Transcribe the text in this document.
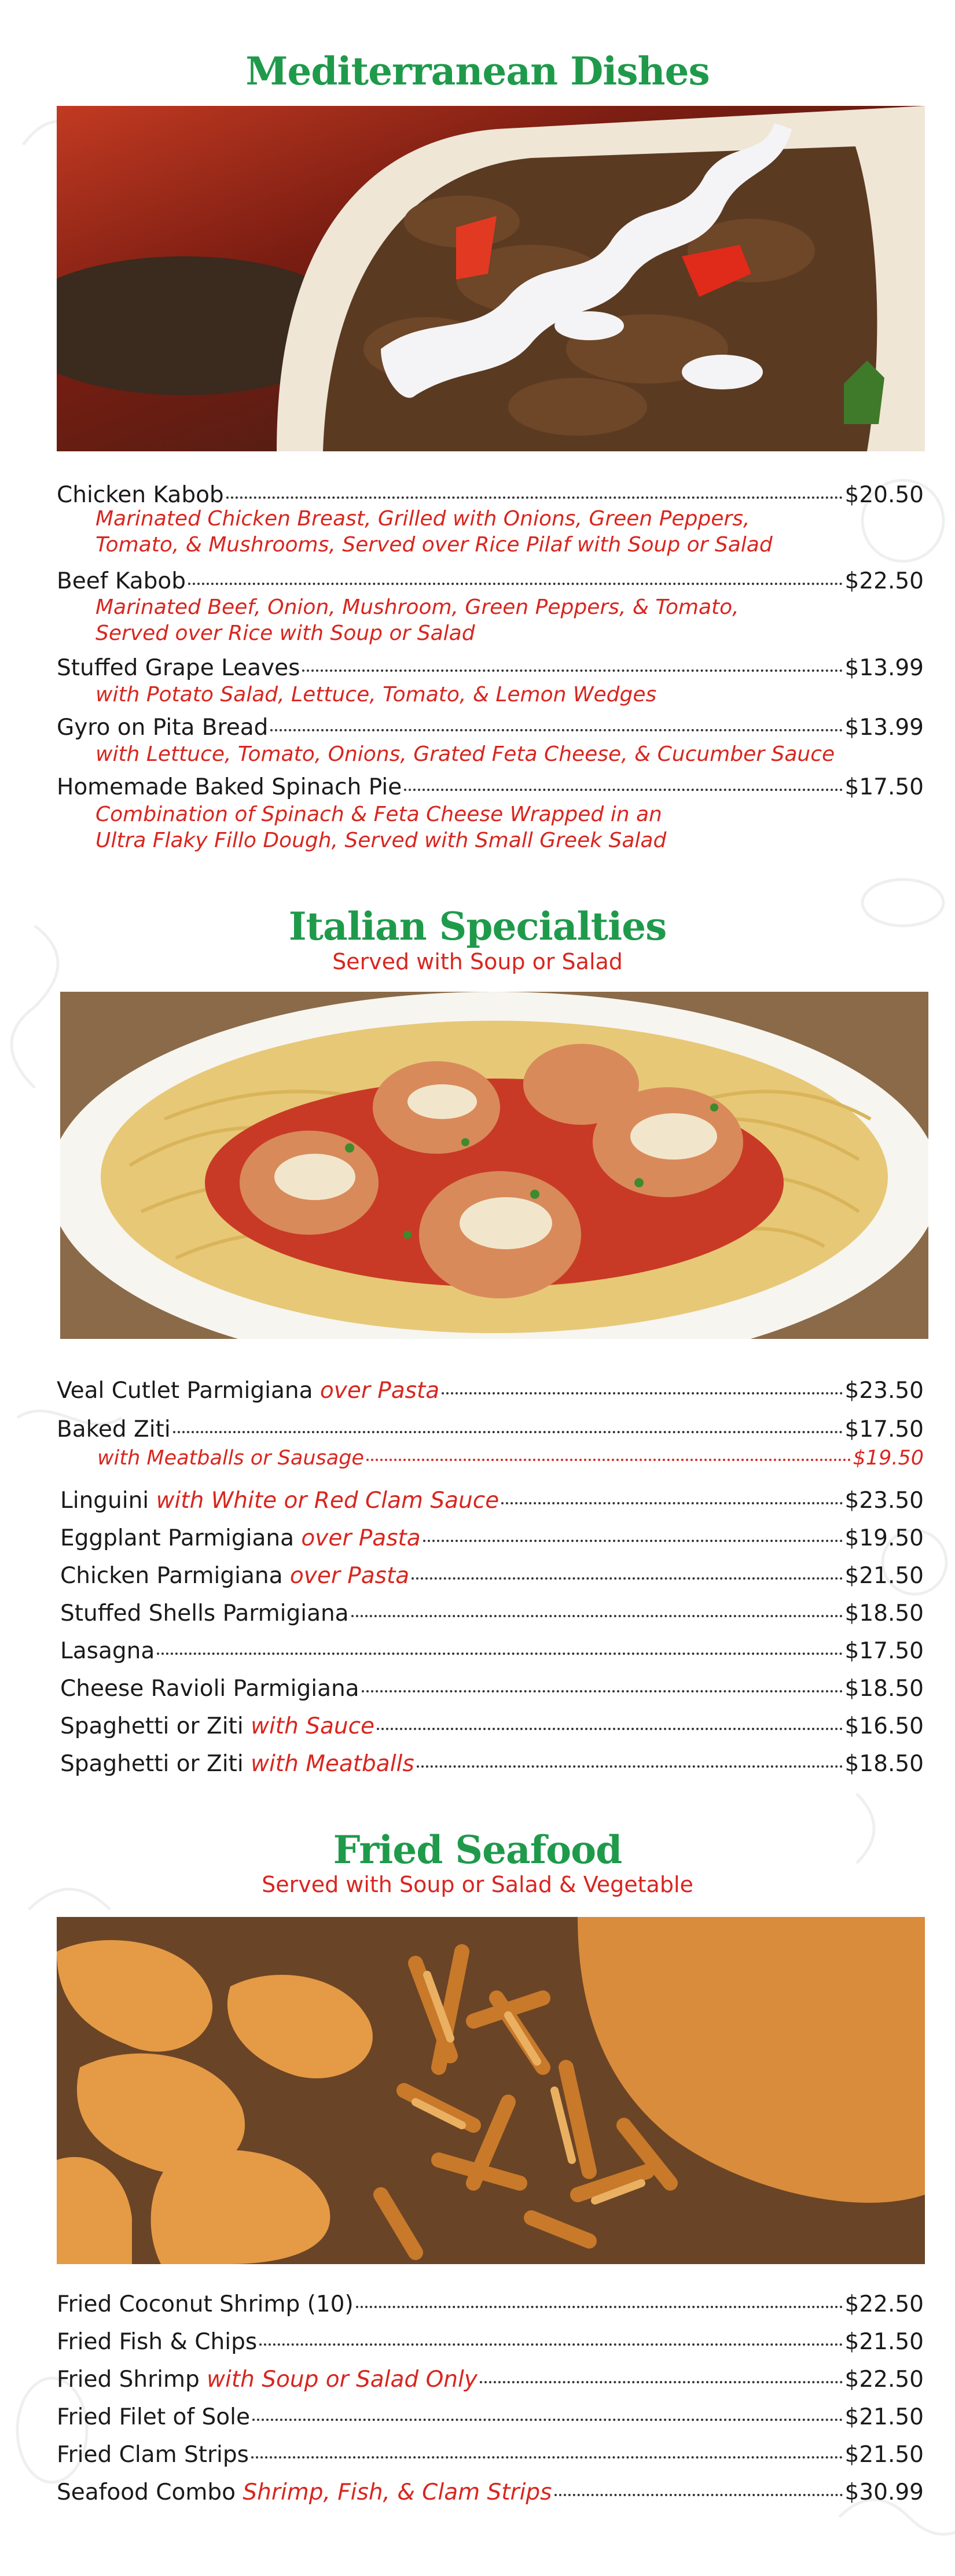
Mediterranean Dishes
Chicken Kabob	$20.50
Marinated Chicken Breast, Grilled with Onions, Green Peppers,
Tomato, & Mushrooms, Served over Rice Pilaf with Soup or Salad
Beef Kabob	$22.50
Marinated Beef, Onion, Mushroom, Green Peppers, & Tomato,
Served over Rice with Soup or Salad
Stuffed Grape Leaves	$13.99
with Potato Salad, Lettuce, Tomato, & Lemon Wedges
Gyro on Pita Bread	$13.99
with Lettuce, Tomato, Onions, Grated Feta Cheese, & Cucumber Sauce
Homemade Baked Spinach Pie	$17.50
Combination of Spinach & Feta Cheese Wrapped in an
Ultra Flaky Fillo Dough, Served with Small Greek Salad
Italian Specialties
Served with Soup or Salad
Veal Cutlet Parmigiana
over Pasta	$23.50
Baked Ziti	$17.50
with Meatballs or Sausage	$19.50
Linguini
with White or Red Clam Sauce	$23.50
Eggplant Parmigiana
over Pasta	$19.50
Chicken Parmigiana
over Pasta	$21.50
Stuffed Shells Parmigiana	$18.50
Lasagna	$17.50
Cheese Ravioli Parmigiana	$18.50
Spaghetti or Ziti
with Sauce	$16.50
Spaghetti or Ziti
with Meatballs	$18.50
Fried Seafood
Served with Soup or Salad & Vegetable
Fried Coconut Shrimp (10)	$22.50
Fried Fish & Chips	$21.50
Fried Shrimp
with Soup or Salad Only	$22.50
Fried Filet of Sole	$21.50
Fried Clam Strips	$21.50
Seafood Combo
Shrimp, Fish, & Clam Strips	$30.99
